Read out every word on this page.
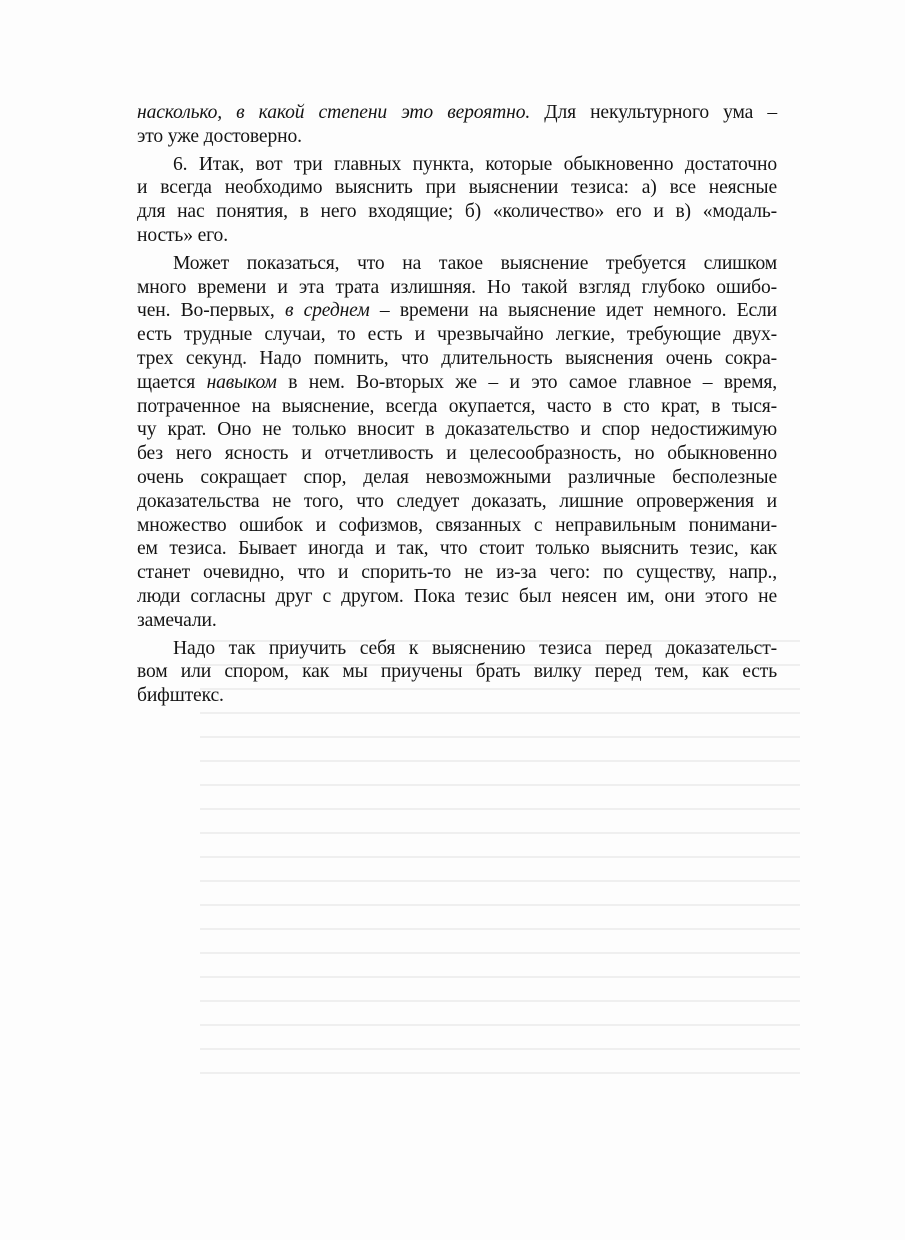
насколько, в какой степени это вероятно. Для некультурного ума –
это уже достоверно.

6. Итак, вот три главных пункта, которые обыкновенно достаточно
и всегда необходимо выяснить при выяснении тезиса: а) все неясные
для нас понятия, в него входящие; б) «количество» его и в) «модаль-
ность» его.

Может показаться, что на такое выяснение требуется слишком
много времени и эта трата излишняя. Но такой взгляд глубоко ошибо-
чен. Во-первых, в среднем – времени на выяснение идет немного. Если
есть трудные случаи, то есть и чрезвычайно легкие, требующие двух-
трех секунд. Надо помнить, что длительность выяснения очень сокра-
щается навыком в нем. Во-вторых же – и это самое главное – время,
потраченное на выяснение, всегда окупается, часто в сто крат, в тыся-
чу крат. Оно не только вносит в доказательство и спор недостижимую
без него ясность и отчетливость и целесообразность, но обыкновенно
очень сокращает спор, делая невозможными различные бесполезные
доказательства не того, что следует доказать, лишние опровержения и
множество ошибок и софизмов, связанных с неправильным понимани-
ем тезиса. Бывает иногда и так, что стоит только выяснить тезис, как
станет очевидно, что и спорить-то не из-за чего: по существу, напр.,
люди согласны друг с другом. Пока тезис был неясен им, они этого не
замечали.

Надо так приучить себя к выяснению тезиса перед доказательст-
вом или спором, как мы приучены брать вилку перед тем, как есть
бифштекс.
